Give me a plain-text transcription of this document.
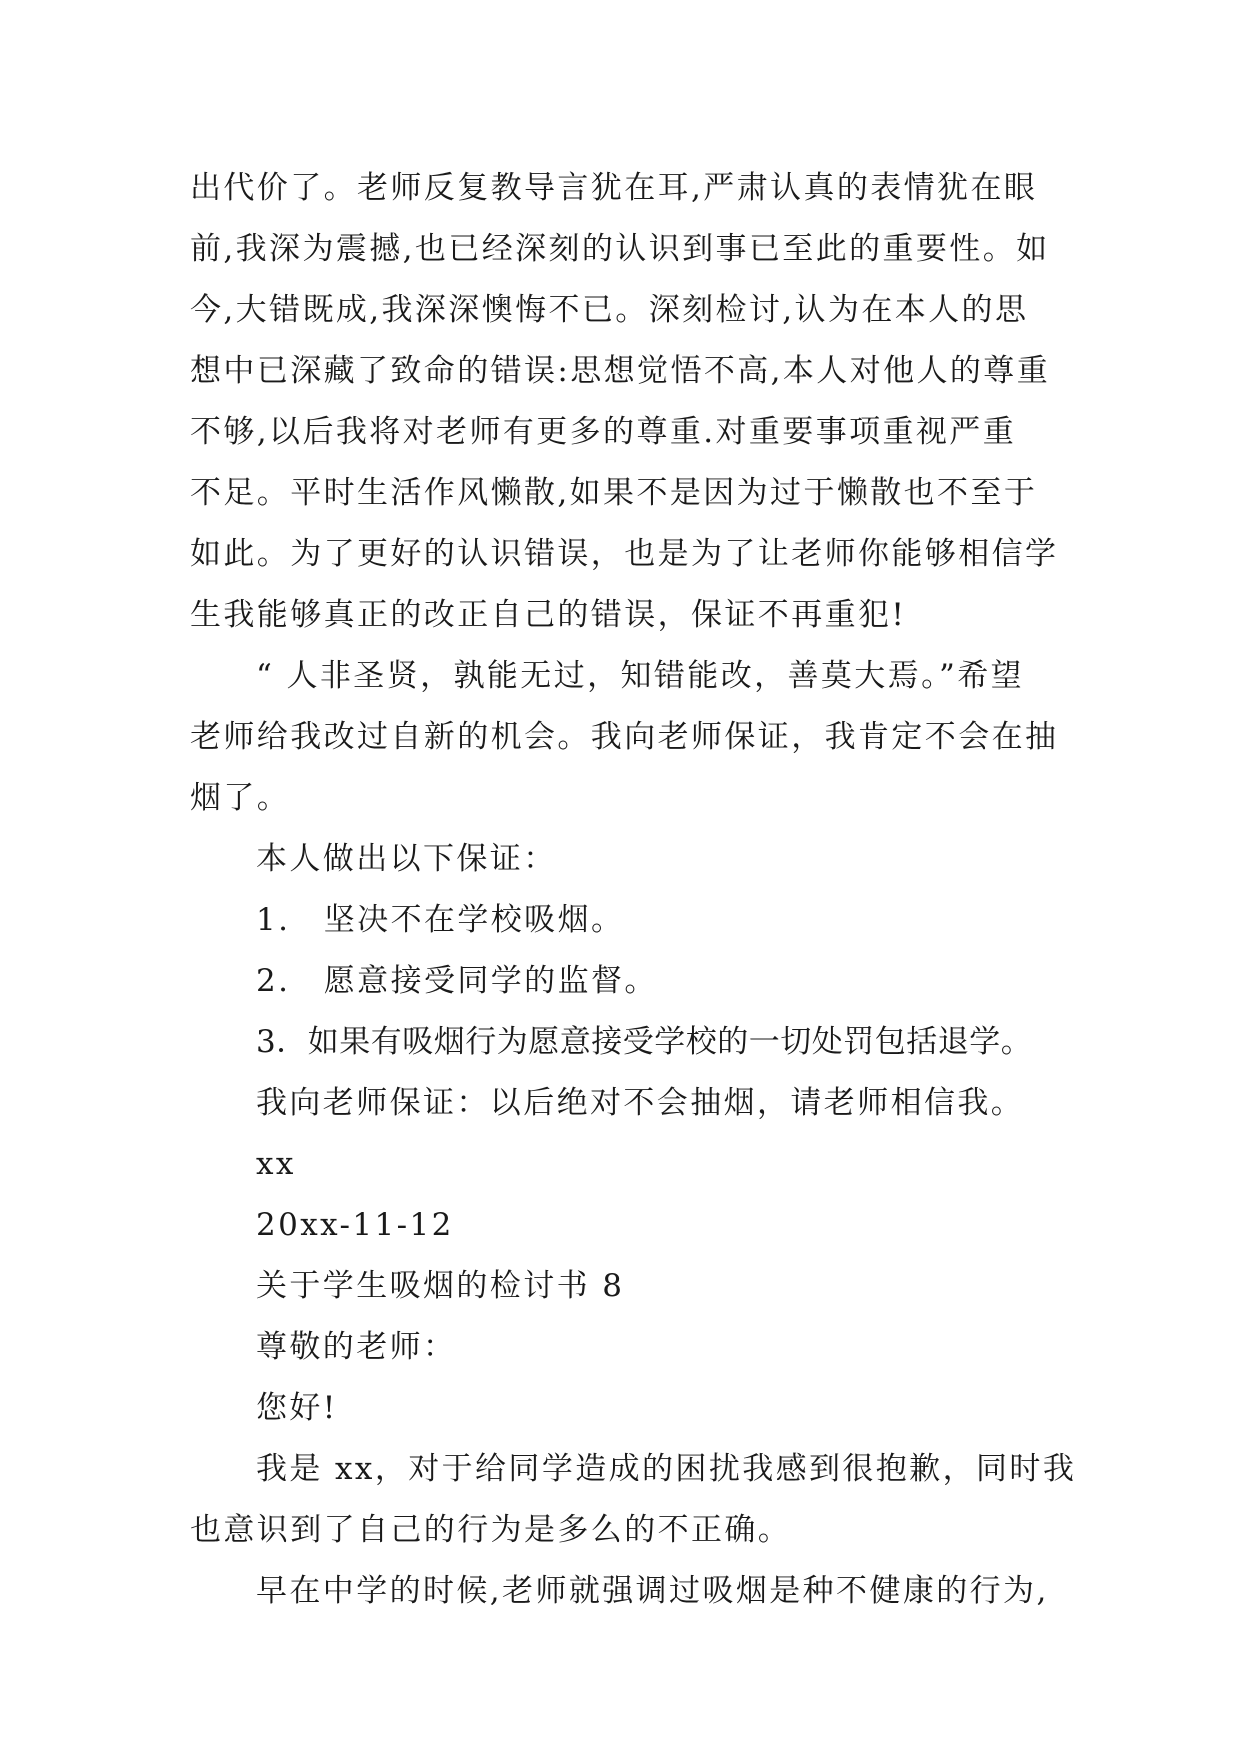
出代价了。老师反复教导言犹在耳,严肃认真的表情犹在眼
前,我深为震撼,也已经深刻的认识到事已至此的重要性。如
今,大错既成,我深深懊悔不已。深刻检讨,认为在本人的思
想中已深藏了致命的错误:思想觉悟不高,本人对他人的尊重
不够,以后我将对老师有更多的尊重.对重要事项重视严重
不足。平时生活作风懒散,如果不是因为过于懒散也不至于
如此。为了更好的认识错误，也是为了让老师你能够相信学
生我能够真正的改正自己的错误，保证不再重犯!
“ 人非圣贤，孰能无过，知错能改，善莫大焉。”希望
老师给我改过自新的机会。我向老师保证，我肯定不会在抽
烟了。
本人做出以下保证：
1.　坚决不在学校吸烟。
2.　愿意接受同学的监督。
3．如果有吸烟行为愿意接受学校的一切处罚包括退学。
我向老师保证：以后绝对不会抽烟，请老师相信我。
xx
20xx-11-12
关于学生吸烟的检讨书 8
尊敬的老师：
您好!
我是 xx，对于给同学造成的困扰我感到很抱歉，同时我
也意识到了自己的行为是多么的不正确。
早在中学的时候,老师就强调过吸烟是种不健康的行为,
